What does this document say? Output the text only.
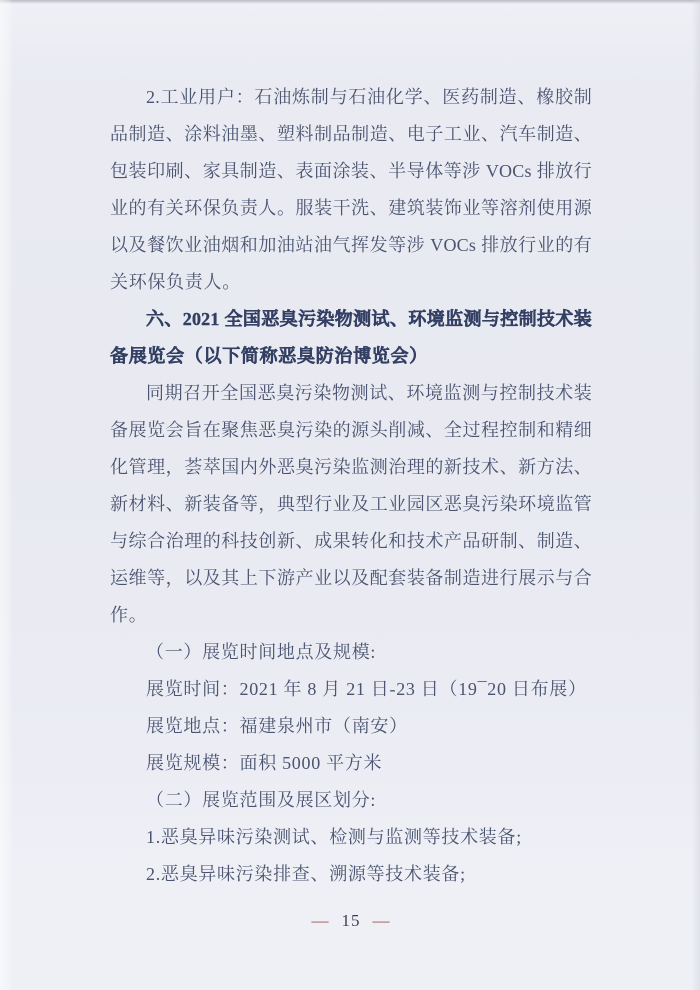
2.工业用户：石油炼制与石油化学、医药制造、橡胶制
品制造、涂料油墨、塑料制品制造、电子工业、汽车制造、
包装印刷、家具制造、表面涂装、半导体等涉 VOCs 排放行
业的有关环保负责人。服装干洗、建筑装饰业等溶剂使用源
以及餐饮业油烟和加油站油气挥发等涉 VOCs 排放行业的有
关环保负责人。
六、2021 全国恶臭污染物测试、环境监测与控制技术装
备展览会（以下简称恶臭防治博览会）
同期召开全国恶臭污染物测试、环境监测与控制技术装
备展览会旨在聚焦恶臭污染的源头削减、全过程控制和精细
化管理，荟萃国内外恶臭污染监测治理的新技术、新方法、
新材料、新装备等，典型行业及工业园区恶臭污染环境监管
与综合治理的科技创新、成果转化和技术产品研制、制造、
运维等，以及其上下游产业以及配套装备制造进行展示与合
作。
（一）展览时间地点及规模:
展览时间：2021 年 8 月 21 日-23 日（19¯20 日布展）
展览地点：福建泉州市（南安）
展览规模：面积 5000 平方米
（二）展览范围及展区划分:
1.恶臭异味污染测试、检测与监测等技术装备;
2.恶臭异味污染排查、溯源等技术装备;
— 15 —
